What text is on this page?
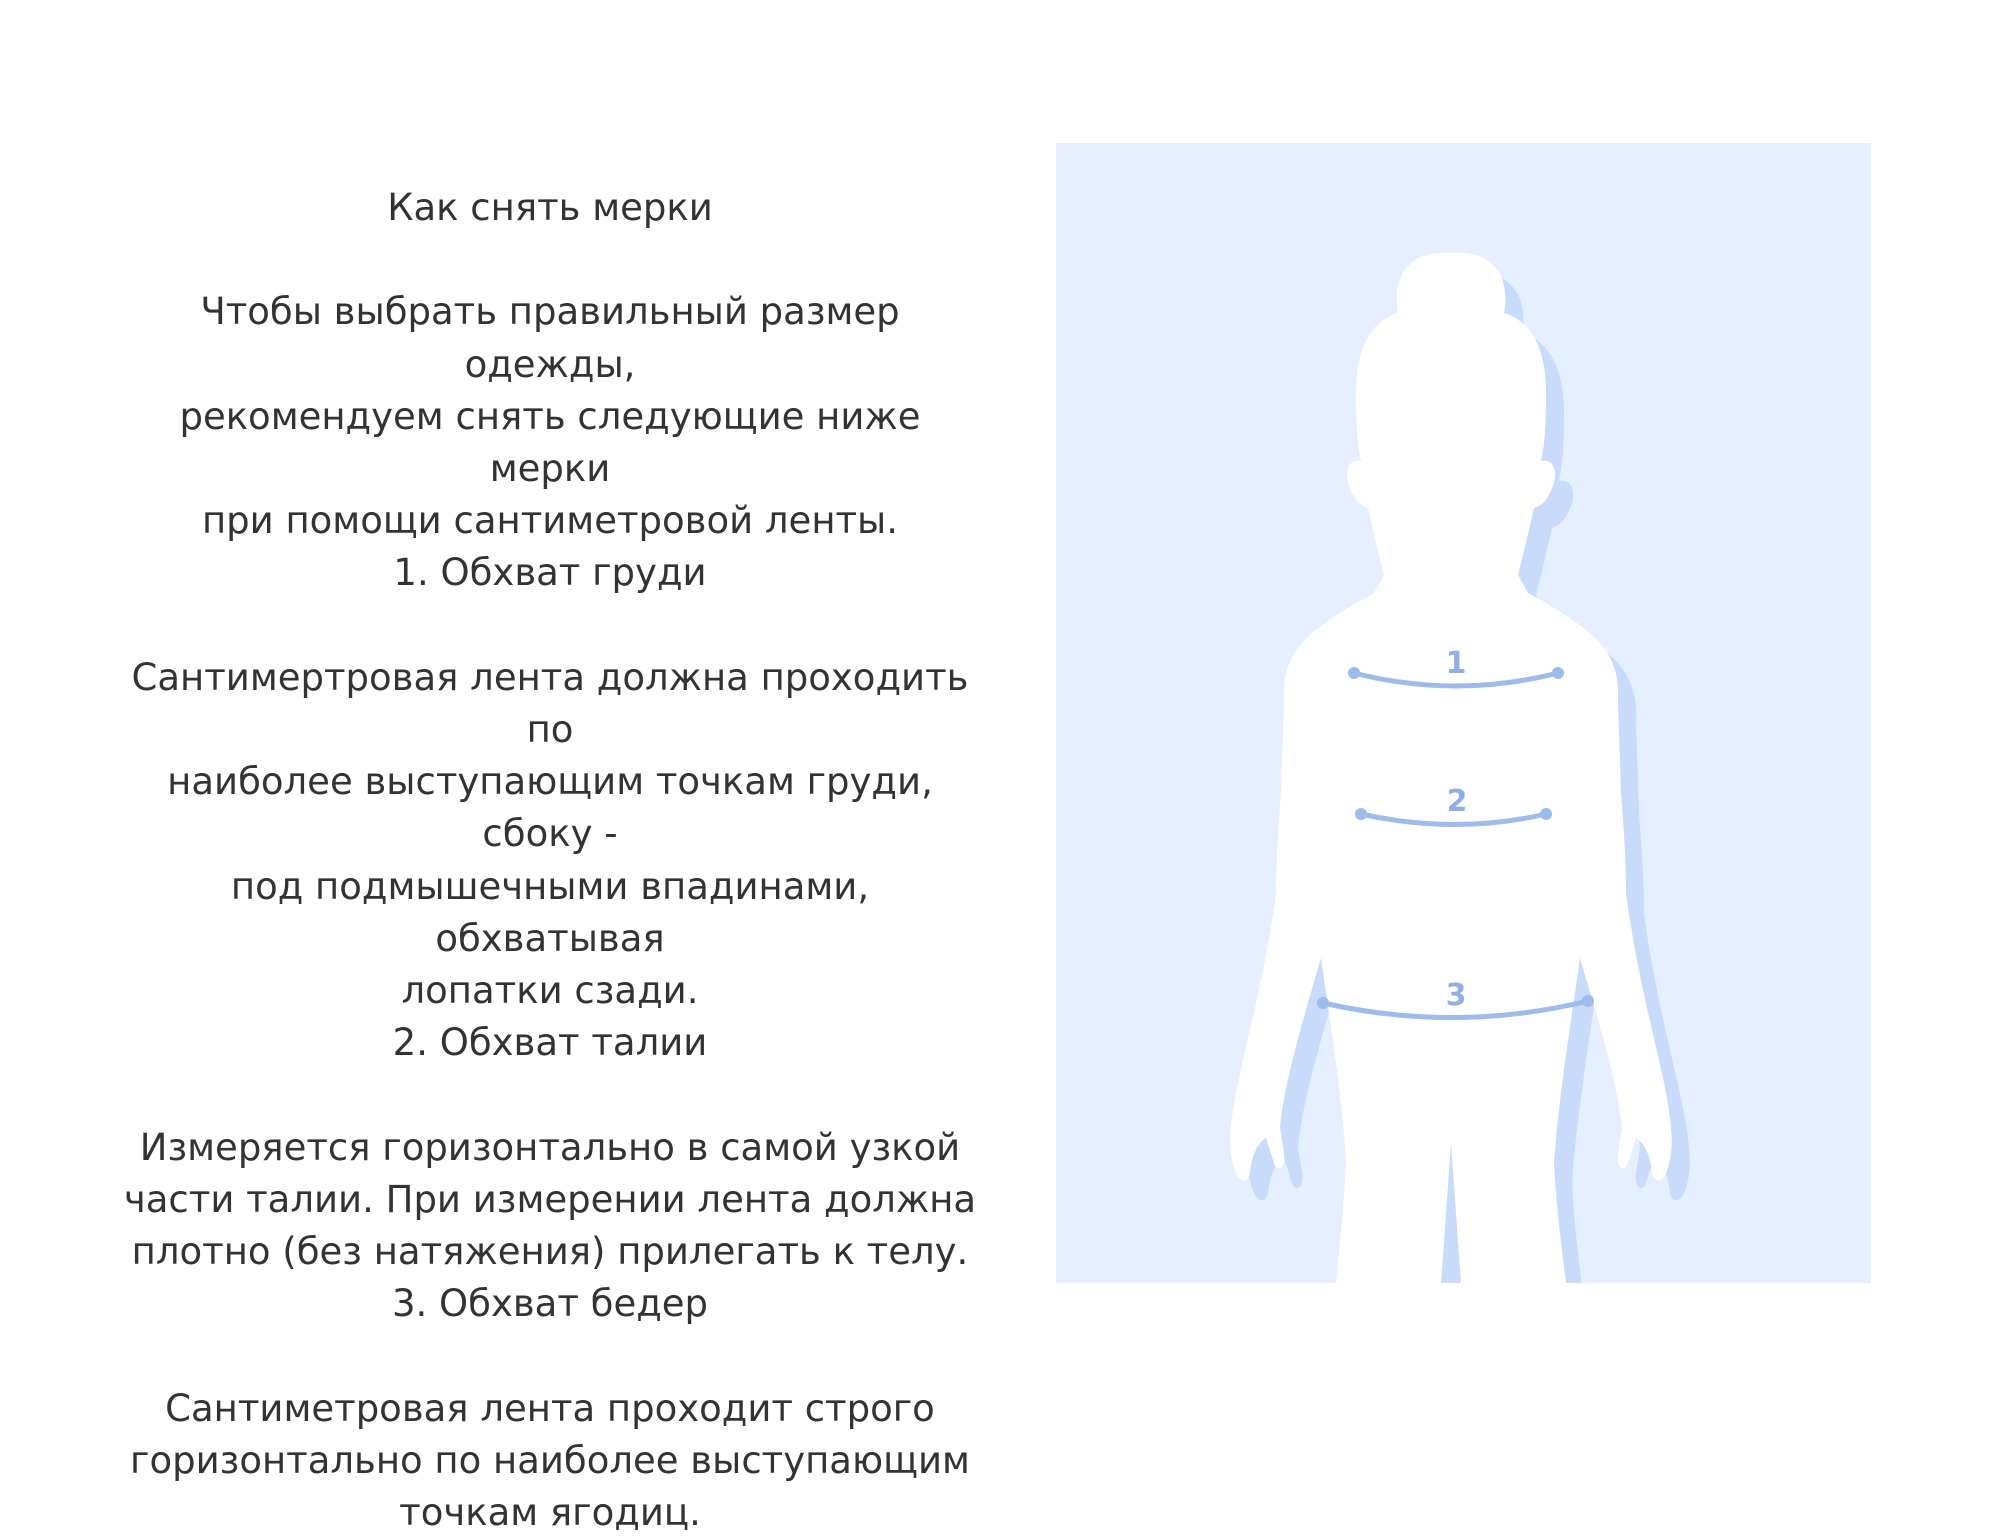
Как снять мерки

Чтобы выбрать правильный размер одежды,

рекомендуем снять следующие ниже мерки

при помощи сантиметровой ленты.

1. Обхват груди

Сантимертровая лента должна проходить по

наиболее выступающим точкам груди, сбоку -

под подмышечными впадинами, обхватывая

лопатки сзади.

2. Обхват талии

Измеряется горизонтально в самой узкой

части талии. При измерении лента должна

плотно (без натяжения) прилегать к телу.

3. Обхват бедер

Сантиметровая лента проходит строго

горизонтально по наиболее выступающим

точкам ягодиц.

1
2
3
